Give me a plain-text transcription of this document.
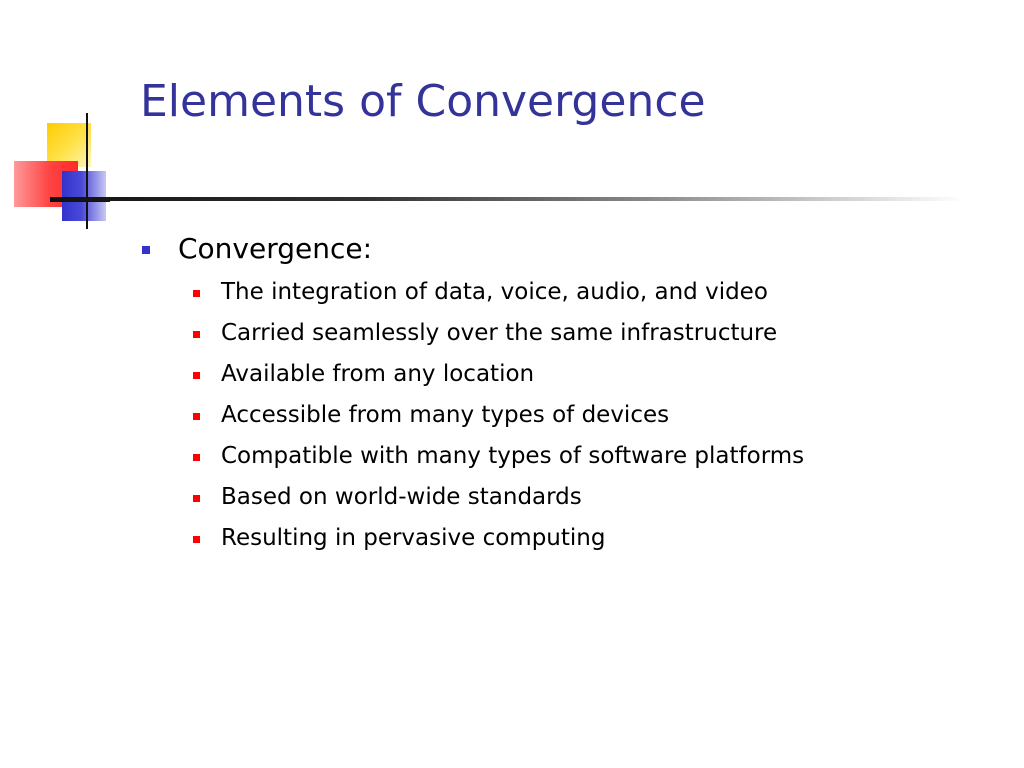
Elements of Convergence
Convergence:
The integration of data, voice, audio, and video
Carried seamlessly over the same infrastructure
Available from any location
Accessible from many types of devices
Compatible with many types of software platforms
Based on world-wide standards
Resulting in pervasive computing
